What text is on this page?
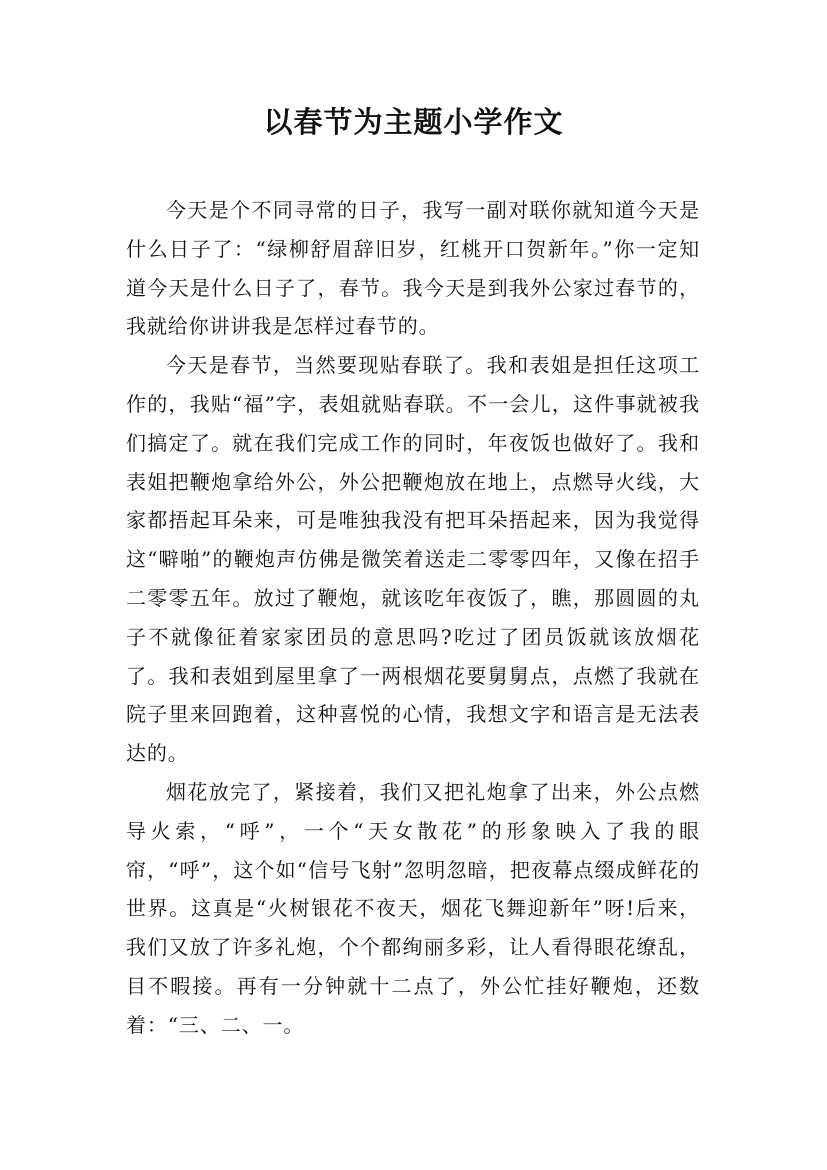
以春节为主题小学作文

今天是个不同寻常的日子，我写一副对联你就知道今天是什么日子了：“绿柳舒眉辞旧岁，红桃开口贺新年。”你一定知道今天是什么日子了，春节。我今天是到我外公家过春节的，我就给你讲讲我是怎样过春节的。

今天是春节，当然要现贴春联了。我和表姐是担任这项工作的，我贴“福”字，表姐就贴春联。不一会儿，这件事就被我们搞定了。就在我们完成工作的同时，年夜饭也做好了。我和表姐把鞭炮拿给外公，外公把鞭炮放在地上，点燃导火线，大家都捂起耳朵来，可是唯独我没有把耳朵捂起来，因为我觉得这“噼啪”的鞭炮声仿佛是微笑着送走二零零四年，又像在招手二零零五年。放过了鞭炮，就该吃年夜饭了，瞧，那圆圆的丸子不就像征着家家团员的意思吗?吃过了团员饭就该放烟花了。我和表姐到屋里拿了一两根烟花要舅舅点，点燃了我就在院子里来回跑着，这种喜悦的心情，我想文字和语言是无法表达的。

烟花放完了，紧接着，我们又把礼炮拿了出来，外公点燃导火索，“呼”，一个“天女散花”的形象映入了我的眼帘，“呼”，这个如“信号飞射”忽明忽暗，把夜幕点缀成鲜花的世界。这真是“火树银花不夜天，烟花飞舞迎新年”呀!后来，我们又放了许多礼炮，个个都绚丽多彩，让人看得眼花缭乱，目不暇接。再有一分钟就十二点了，外公忙挂好鞭炮，还数着：“三、二、一。
